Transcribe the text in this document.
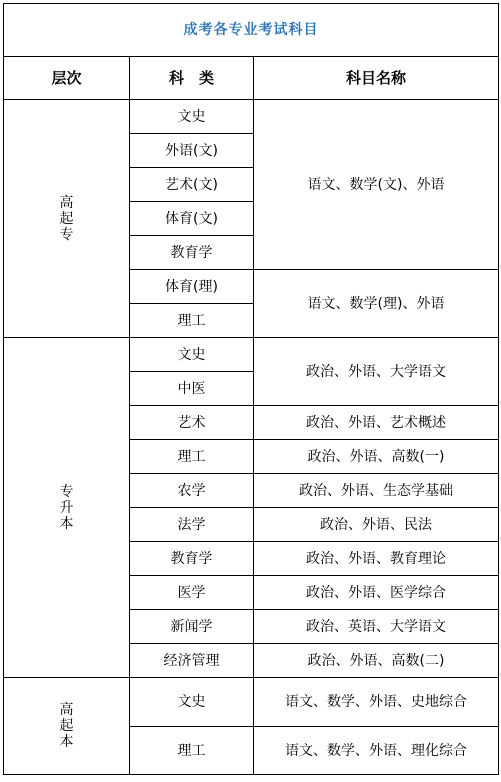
成考各专业考试科目		
层次	科　类	科目名称

高
起
专	文史	语文、数学(文)、外语
	外语(文)	
	艺术(文)	
	体育(文)	
	教育学	
	体育(理)	语文、数学(理)、外语
	理工	

专
升
本	文史	政治、外语、大学语文
	中医	
	艺术	政治、外语、艺术概述
	理工	政治、外语、高数(一)
	农学	政治、外语、生态学基础
	法学	政治、外语、民法
	教育学	政治、外语、教育理论
	医学	政治、外语、医学综合
	新闻学	政治、英语、大学语文
	经济管理	政治、外语、高数(二)

高
起
本	文史	语文、数学、外语、史地综合
	理工	语文、数学、外语、理化综合
